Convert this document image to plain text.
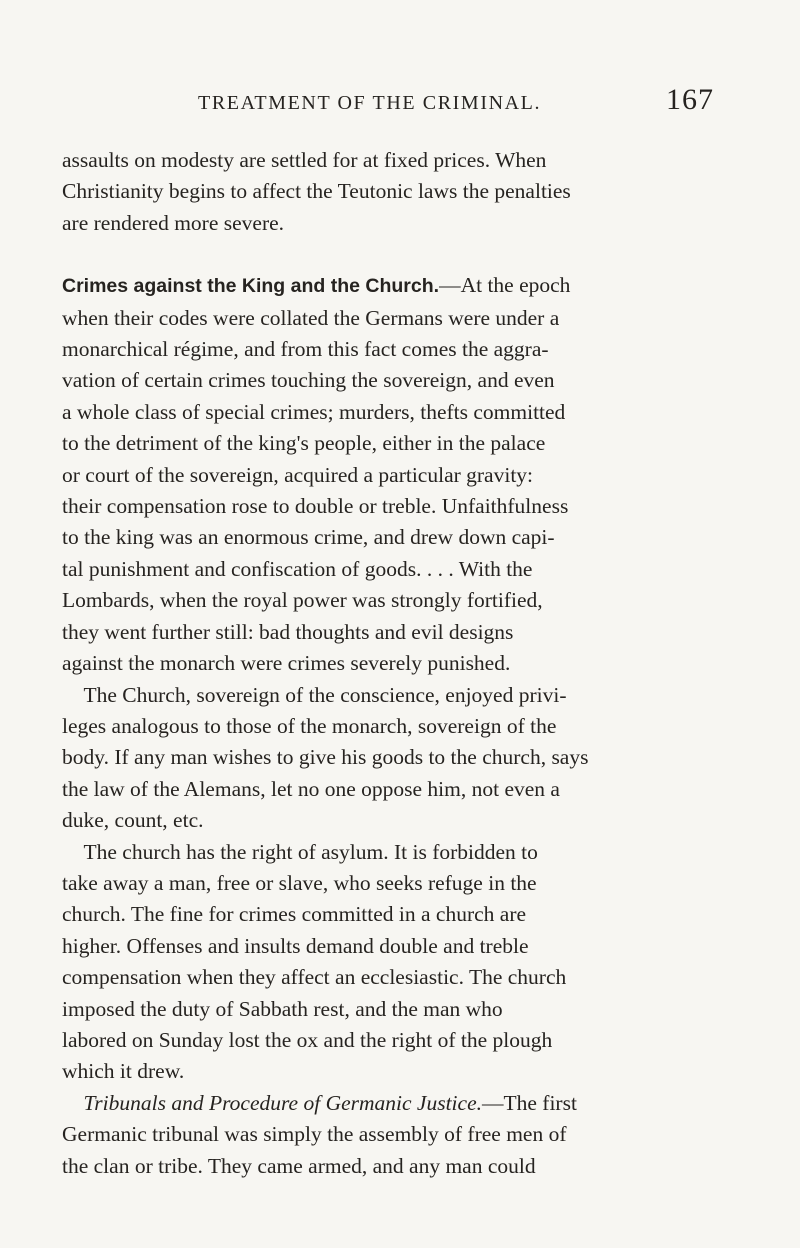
TREATMENT OF THE CRIMINAL.	167

assaults on modesty are settled for at fixed prices. When
Christianity begins to affect the Teutonic laws the penalties
are rendered more severe.

Crimes against the King and the Church.—At the epoch
when their codes were collated the Germans were under a
monarchical régime, and from this fact comes the aggra-
vation of certain crimes touching the sovereign, and even
a whole class of special crimes; murders, thefts committed
to the detriment of the king's people, either in the palace
or court of the sovereign, acquired a particular gravity:
their compensation rose to double or treble. Unfaithfulness
to the king was an enormous crime, and drew down capi-
tal punishment and confiscation of goods. . . . With the
Lombards, when the royal power was strongly fortified,
they went further still: bad thoughts and evil designs
against the monarch were crimes severely punished.

 The Church, sovereign of the conscience, enjoyed privi-
leges analogous to those of the monarch, sovereign of the
body. If any man wishes to give his goods to the church, says
the law of the Alemans, let no one oppose him, not even a
duke, count, etc.

 The church has the right of asylum. It is forbidden to
take away a man, free or slave, who seeks refuge in the
church. The fine for crimes committed in a church are
higher. Offenses and insults demand double and treble
compensation when they affect an ecclesiastic. The church
imposed the duty of Sabbath rest, and the man who
labored on Sunday lost the ox and the right of the plough
which it drew.

 Tribunals and Procedure of Germanic Justice.—The first
Germanic tribunal was simply the assembly of free men of
the clan or tribe. They came armed, and any man could
